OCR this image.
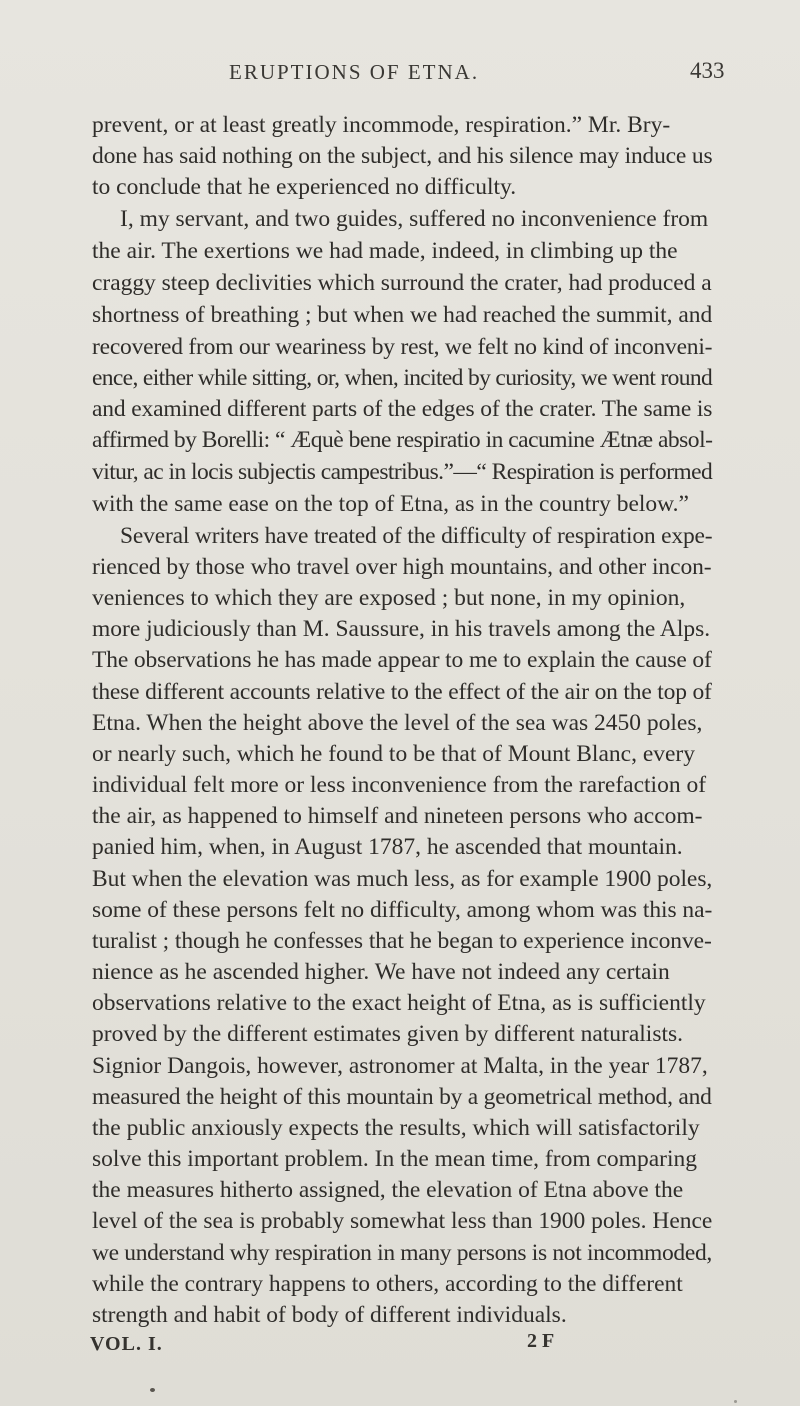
ERUPTIONS OF ETNA.	433
prevent, or at least greatly incommode, respiration.” Mr. Bry-
done has said nothing on the subject, and his silence may induce us
to conclude that he experienced no difficulty.
I, my servant, and two guides, suffered no inconvenience from
the air. The exertions we had made, indeed, in climbing up the
craggy steep declivities which surround the crater, had produced a
shortness of breathing ; but when we had reached the summit, and
recovered from our weariness by rest, we felt no kind of inconveni-
ence, either while sitting, or, when, incited by curiosity, we went round
and examined different parts of the edges of the crater. The same is
affirmed by Borelli: “ Æquè bene respiratio in cacumine Ætnæ absol-
vitur, ac in locis subjectis campestribus.”—“ Respiration is performed
with the same ease on the top of Etna, as in the country below.”
Several writers have treated of the difficulty of respiration expe-
rienced by those who travel over high mountains, and other incon-
veniences to which they are exposed ; but none, in my opinion,
more judiciously than M. Saussure, in his travels among the Alps.
The observations he has made appear to me to explain the cause of
these different accounts relative to the effect of the air on the top of
Etna. When the height above the level of the sea was 2450 poles,
or nearly such, which he found to be that of Mount Blanc, every
individual felt more or less inconvenience from the rarefaction of
the air, as happened to himself and nineteen persons who accom-
panied him, when, in August 1787, he ascended that mountain.
But when the elevation was much less, as for example 1900 poles,
some of these persons felt no difficulty, among whom was this na-
turalist ; though he confesses that he began to experience inconve-
nience as he ascended higher. We have not indeed any certain
observations relative to the exact height of Etna, as is sufficiently
proved by the different estimates given by different naturalists.
Signior Dangois, however, astronomer at Malta, in the year 1787,
measured the height of this mountain by a geometrical method, and
the public anxiously expects the results, which will satisfactorily
solve this important problem. In the mean time, from comparing
the measures hitherto assigned, the elevation of Etna above the
level of the sea is probably somewhat less than 1900 poles. Hence
we understand why respiration in many persons is not incommoded,
while the contrary happens to others, according to the different
strength and habit of body of different individuals.
VOL. I.	2 F
